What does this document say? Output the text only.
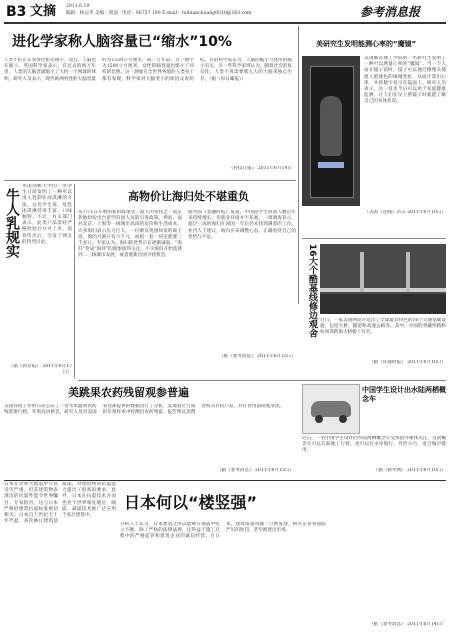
B3 文摘 2011.6.19
编辑：杨运华 美编：周浪 电话：96757 190 E-mail：tuibianchuang0510@163.com	参考消息报
进化学家称人脑容量已“缩水”10%
人类不但正在变得比祖先矮小，而且，人脑也在缩小。英国科学家表示，在过去的两万年里，人类的大脑容量缩小了大约一个网球的体积。研究人员表示，现代欧洲男性的大脑容量约为1350立方厘米，而一万年前，这一数字为1500立方厘米。女性的脑容量也缩小了同样的比例。这一现象在全世界各地的人类身上都有发现。科学家对大脑变小的原因众说纷纭。有的科学家认为，人脑的缩小与体形的缩小有关；另一些科学家则认为，随着社会的复杂化，人类不再需要那么大的大脑来独自生存。（据《每日邮报》）
《科技日报》 2011年6月14日
牛人乳规实
英国剑桥大学的一名学生日前发明了一种可以用人乳制作冰淇淋的方法。这名学生说，母乳冰淇淋营养丰富，口味独特。不过，有关部门表示，此类产品需经严格检验后方可上市。消息传出后，引发了网友的热烈讨论。
（据《新京报》 2011年6月17日）
高物价让海归处不堪重负
从7月1日开始的新的政策里，最大的变化之一就是各地纷纷出台留学归国人员的引进政策。然而，面对北京、上海等一线城市高昂的房价和生活成本，许多海归表示压力巨大。一位刚从英国回来的硕士说，他的月薪只有六千元，而租一套一居室就要三千多元。专家认为，海归的优势正在逐渐减弱，“海归”变成“海待”的现象值得关注。不少海归开始选择到二三线城市发展，或者重新出国寻找机会。
据英国《金融时报》报道，中国留学生回国人数近年来持续增长，但就业环境并不乐观。一项调查显示，超过三成的海归在回国一年后仍未找到满意的工作。业内人士建议，海归应该调整心态，正确看待自己的优势与不足。
（据《参考消息》 2011年6月15日）
美研究生发明能测心率的“魔镜”
美国麻省理工学院的一名研究生发明了一种可以测量心率的“魔镜”。当一个人站在镜子前时，镜子可以通过摄像头捕捉人脸颜色的细微变化，从而计算出心率，并将数字显示在镜面上。研究人员表示，这一技术今后可以用于家庭健康监测，让人们在早上照镜子时就能了解自己的身体状况。
（美国《连线》杂志 2011年6月10日）
16大个酷基线修边观舍 近日，一家美国网站评选出了全球最具特色的16个交通基础设施，包括大桥、隧道和高速公路等。其中，中国的青藏铁路和杭州湾跨海大桥榜上有名。
（据《环球时报》 2011年6月10日）
美跳果农药残留观参普遍
美国环境工作组日前公布了一份水果蔬菜农药残留排行榜，苹果高居榜首。研究人员对美国农业部提供的数据进行了分析，发现超过九成的苹果样本中检测出农药残留。报告建议消费者购买有机产品，并在食用前彻底清洗。
（据《参考消息》 2011年6月15日）
中国学生设计出水陆两栖概念车
近日，一名中国学生设计的水陆两栖概念车受到国外媒体关注。这款概念车可以在陆地上行驶，也可以在水中航行，外形小巧，适合城市使用。
（据《新华网》 2011年6月10日）
日本何以“楼竖强”
日本在世界大地震中尽管受灾严重，但其建筑物表现出的抗震性能令世界瞩目。专家指出，这与日本严格的建筑抗震标准密切相关。日本自上世纪七十年代起，多次修订建筑基准法，对建筑物的抗震能力提出了很高的要求。此外，日本在抗震技术方面也处于世界领先地位，隔震、减震技术被广泛应用于高层建筑中。
分析人士认为，日本建筑之所以能够在强震中屹立不倒，除了严格的法律法规，还得益于施工过程中的严格监管和建筑企业的诚信经营。在日本，建筑质量问题一旦被发现，相关企业将面临严厉的处罚，甚至被逐出市场。
（据《参考消息》 2011年6月14日）
